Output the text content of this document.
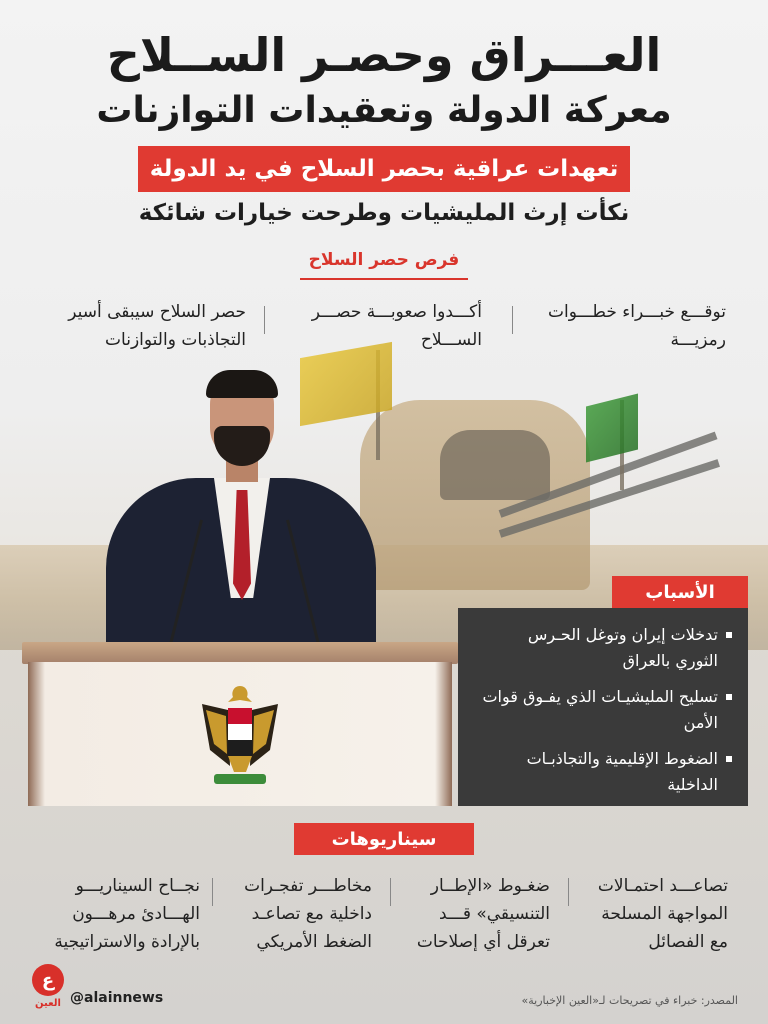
العـــراق وحصـر الســلاح
معركة الدولة وتعقيدات التوازنات
تعهدات عراقية بحصر السلاح في يد الدولة
نكأت إرث المليشيات وطرحت خيارات شائكة
فرص حصر السلاح
توقـــع خبـــراء خطـــوات رمزيـــة
أكـــدوا صعوبـــة حصـــر الســـلاح
حصر السلاح سيبقى أسير التجاذبات والتوازنات
الأسباب
تدخلات إيران وتوغل الحـرس الثوري بالعراق
تسليح المليشيـات الذي يفـوق قوات الأمن
الضغوط الإقليمية والتجاذبـات الداخلية
سيناريوهات
تصاعـــد احتمـالات المواجهة المسلحة مع الفصائل
ضغـوط «الإطــار التنسيقي» قـــد تعرقل أي إصلاحات
مخاطـــر تفجـرات داخلية مع تصاعـد الضغط الأمريكي
نجــاح السيناريـــو الهـــادئ مرهـــون بالإرادة والاستراتيجية
ع
العين @alainnews	المصدر: خبراء في تصريحات لـ«العين الإخبارية»
